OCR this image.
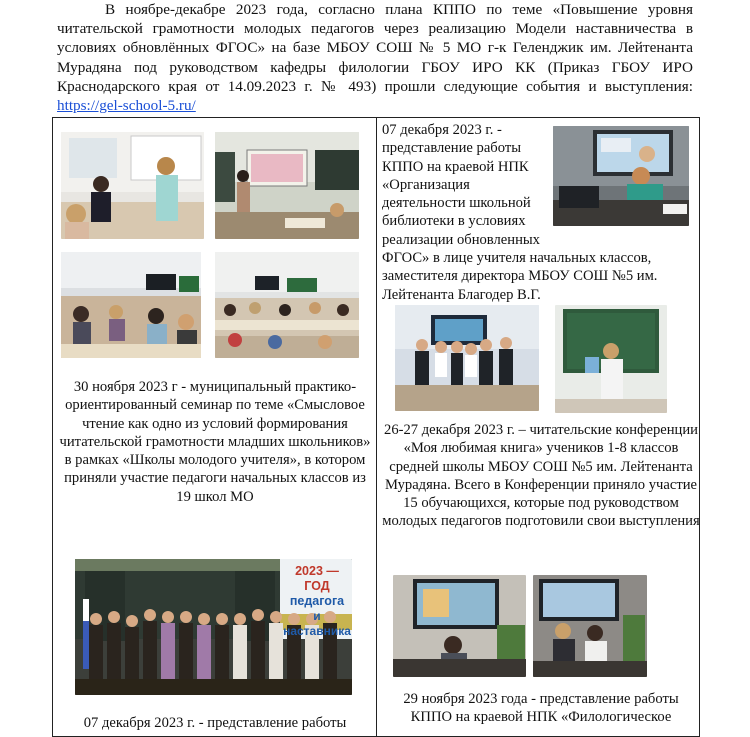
В ноябре-декабре 2023 года, согласно плана КППО по теме «Повышение уровня читательской грамотности молодых педагогов через реализацию Модели наставничества в условиях обновлённых ФГОС» на базе МБОУ СОШ № 5 МО г-к Геленджик им. Лейтенанта Мурадяна под руководством кафедры филологии ГБОУ ИРО КК (Приказ ГБОУ ИРО Краснодарского края от 14.09.2023 г. № 493) прошли следующие события и выступления: https://gel-school-5.ru/
30 ноября 2023 г - муниципальный практико-ориентированный семинар по теме «Смысловое чтение как одно из условий формирования читательской грамотности младших школьников» в рамках «Школы молодого учителя», в котором приняли участие педагоги начальных классов из 19 школ МО
2023 — ГОД
педагога
и
наставника
07 декабря 2023 г. - представление работы
07 декабря 2023 г. - представление работы КППО на краевой НПК «Организация деятельности школьной библиотеки в условиях реализации обновленных ФГОС» в лице учителя начальных классов, заместителя директора МБОУ СОШ №5 им. Лейтенанта Благодер В.Г.
26-27 декабря 2023 г. – читательские конференции «Моя любимая книга» учеников 1-8 классов средней школы МБОУ СОШ №5 им. Лейтенанта Мурадяна. Всего в Конференции приняло участие 15 обучающихся, которые под руководством молодых педагогов подготовили свои выступления
29 ноября 2023 года - представление работы КППО на краевой НПК «Филологическое
